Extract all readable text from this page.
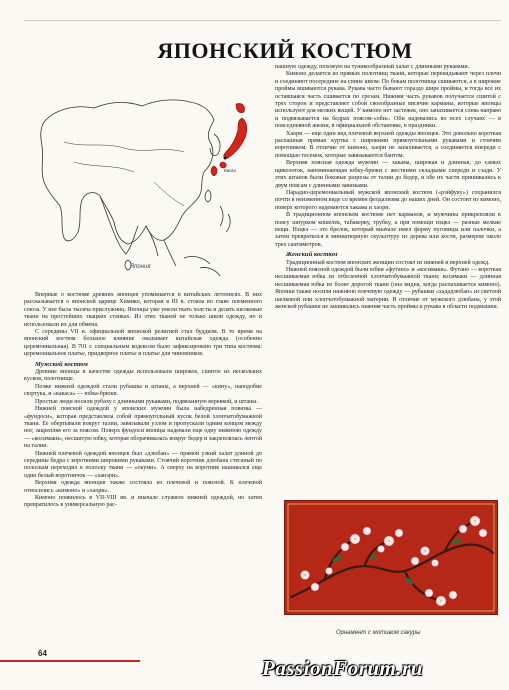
ЯПОНСКИЙ КОСТЮМ
Киото
Япония

Впервые о костюме древних японцев упоминается в китайских летописях. В них рассказывается о японской царице Химико, которая в III в. стояла во главе племенного союза. У нее была тысяча прислужниц. Японцы уже умели ткать холсты и делать шелковые ткани на простейших ткацких станках. Из этих тканей не только шили одежду, но и использовали их для обмена.

С середины VII в. официальной японской религией стал буддизм. В то время на японский костюм большое влияние оказывает китайская одежда (особенно церемониальная). В 701 г. специальным кодексом было зафиксировано три типа костюма: церемониальное платье, придворное платье и платье для чиновников.

Мужской костюм

Древние японцы в качестве одежды использовали широкое, сшитое из нескольких кусков, полотнище.

Позже нижней одеждой стали рубашка и штаны, а верхней — «кину», наподобие сюртука, и «какаса» — юбка-брюки.

Простые люди носили рубаху с длинными рукавами, подвязанную веревкой, и штаны.

Нижней поясной одеждой у японских мужчин была набедренная повязка — «фундоси», которая представляла собой прямоугольный кусок белой хлопчатобумажной ткани. Ее обертывали вокруг талии, завязывали узлом и пропускали одним концом между ног, закрепляя его за поясом. Поверх фундоси японцы надевали еще одну нижнюю одежду — «косимаки», несшитую юбку, которая оборачивалась вокруг бедер и закреплялась лентой на талии.

Нижней плечевой одеждой японцев был «дзюбан» — прямой узкий халат длиной до середины бедра с короткими широкими рукавами. Стоячий воротник дзюбана стеганый по полоскам переходил в полоску ткани — «окуми». А сверху на воротник нашивался еще один белый воротничок — «ханэри».

Верхняя одежда японцев также состояла из плечевой и поясной. К плечевой относились «кимоно» и «хаори».

Кимоно появилось в VII-VIII вв. и вначале служило нижней одеждой, но затем превратилось в универсальную рас-

пашную одежду, похожую на туникообразный халат с длинными рукавами.

Кимоно делается из прямых полотнищ ткани, которые перекидывают через плечи и соединяют посередине на спине швом. По бокам полотнища сшиваются, а в широкие проймы вшиваются рукава. Рукава часто бывают гораздо шире проймы, и тогда все их оставшаяся часть сшивается по срезам. Нижняя часть рукавов получается сшитой с трех сторон и представляет собой своеобразные висячие карманы, которые японцы используют для мелких вещей. У кимоно нет застежек, оно запахивается слева направо и подвязывается на бедрах поясом-«оби». Оби надевались во всех случаях — в повседневной жизни, в официальной обстановке, в праздники.

Хаори — еще один вид плечевой верхней одежды японцев. Это довольно короткая распашная прямая куртка с широкими прямоугольными рукавами и стоячим воротником. В отличие от кимоно, хаори не запахивается, а соединяется впереди с помощью тесемок, которые завязываются бантом.

Верхняя поясная одежда мужчин — хакама, широкая и длинная, до самых щиколоток, напоминающая юбку-брюки с жесткими складками спереди и сзади. У этих штанов были боковые разрезы от талии до бедер, и обе их части пришивались к двум поясам с длинными завязками.

Парадно-церемониальный мужской японский костюм («рэйфуку») сохранился почти в неизменном виде со времен феодализма до наших дней. Он состоит из кимоно, поверх которого надеваются хакама и хаори.

В традиционном японском костюме нет карманов, и мужчины прикрепляли к поясу шнурком кошелек, табакерку, трубку, а при помощи нэцкэ — разные мелкие вещи. Нэцкэ — это брелок, который вначале имел форму пуговицы или палочки, а затем превратился в миниатюрную скульптуру из дерева или кости, размером около трех сантиметров.

Женский костюм

Традиционный костюм японских женщин состоял из нижней и верхней одежд.

Нижней поясной одеждой были юбки «футано» и «косимаки». Футано — короткая несшиваемая юбка из отбеленной хлопчатобумажной ткани; косимаки — длинная несшиваемая юбка из более дорогой ткани (она видна, когда распахивается кимоно). Японки также носили нижнюю плечевую одежду — рубашки «хададзюбан» из светлой шелковой или хлопчатобумажной материи. В отличие от мужского дзюбана, у этой женской рубашки не зашивались нижняя часть проймы и рукава в области подмышки.

Орнамент с мотивом сакуры
64
PassionForum.ru
